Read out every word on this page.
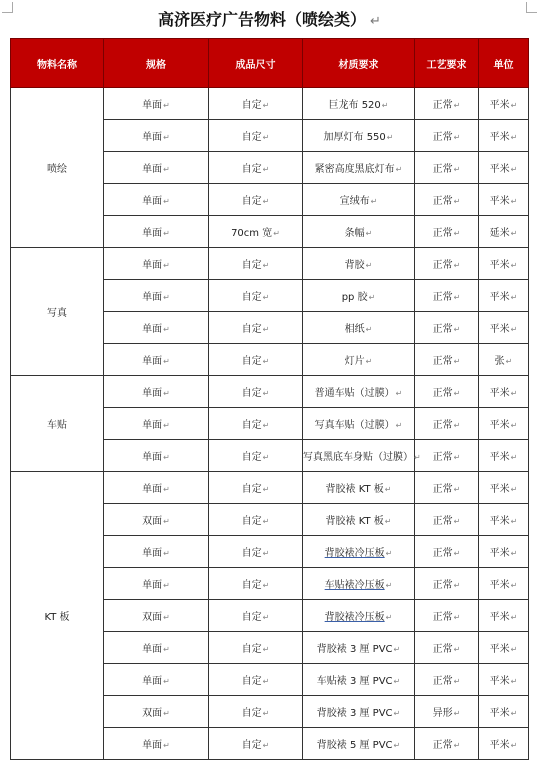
高济医疗广告物料（喷绘类） ↵
物料名称	规格	成品尺寸	材质要求	工艺要求	单位
喷绘	单面↵	自定↵	巨龙布 520↵	正常↵	平米↵
	单面↵	自定↵	加厚灯布 550↵	正常↵	平米↵
	单面↵	自定↵	紧密高度黑底灯布↵	正常↵	平米↵
	单面↵	自定↵	宣绒布↵	正常↵	平米↵
	单面↵	70cm 宽↵	条幅↵	正常↵	延米↵
写真	单面↵	自定↵	背胶↵	正常↵	平米↵
	单面↵	自定↵	pp 胶↵	正常↵	平米↵
	单面↵	自定↵	相纸↵	正常↵	平米↵
	单面↵	自定↵	灯片↵	正常↵	张↵
车贴	单面↵	自定↵	普通车贴（过膜）↵	正常↵	平米↵
	单面↵	自定↵	写真车贴（过膜）↵	正常↵	平米↵
	单面↵	自定↵	写真黑底车身贴（过膜）↵	正常↵	平米↵
KT 板	单面↵	自定↵	背胶裱 KT 板↵	正常↵	平米↵
	双面↵	自定↵	背胶裱 KT 板↵	正常↵	平米↵
	单面↵	自定↵	背胶裱冷压板↵	正常↵	平米↵
	单面↵	自定↵	车贴裱冷压板↵	正常↵	平米↵
	双面↵	自定↵	背胶裱冷压板↵	正常↵	平米↵
	单面↵	自定↵	背胶裱 3 厘 PVC↵	正常↵	平米↵
	单面↵	自定↵	车贴裱 3 厘 PVC↵	正常↵	平米↵
	双面↵	自定↵	背胶裱 3 厘 PVC↵	异形↵	平米↵
	单面↵	自定↵	背胶裱 5 厘 PVC↵	正常↵	平米↵
